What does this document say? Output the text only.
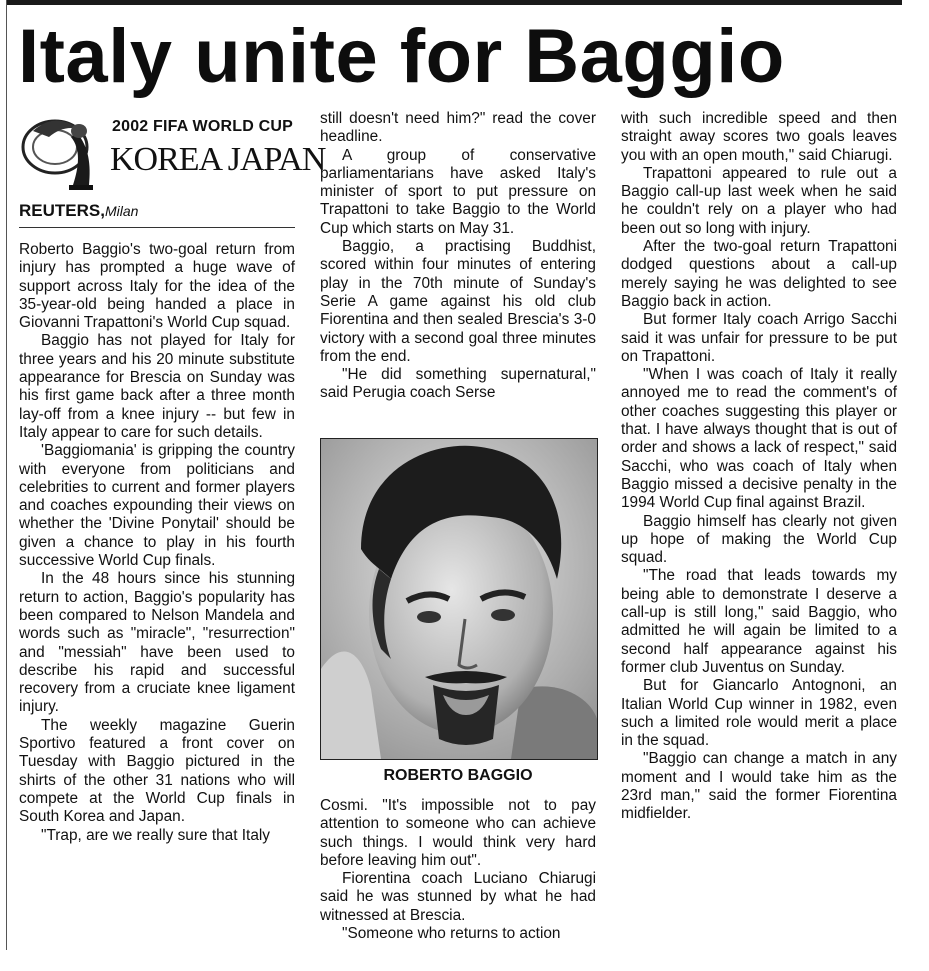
Italy unite for Baggio
2002 FIFA WORLD CUP
KOREA JAPAN
REUTERS,Milan

Roberto Baggio's two-goal return from injury has prompted a huge wave of support across Italy for the idea of the 35-year-old being handed a place in Giovanni Trapattoni's World Cup squad.

Baggio has not played for Italy for three years and his 20 minute substitute appearance for Brescia on Sunday was his first game back after a three month lay-off from a knee injury -- but few in Italy appear to care for such details.

'Baggiomania' is gripping the country with everyone from politicians and celebrities to current and former players and coaches expounding their views on whether the 'Divine Ponytail' should be given a chance to play in his fourth successive World Cup finals.

In the 48 hours since his stunning return to action, Baggio's popularity has been compared to Nelson Mandela and words such as "miracle", "resurrection" and "messiah" have been used to describe his rapid and successful recovery from a cruciate knee ligament injury.

The weekly magazine Guerin Sportivo featured a front cover on Tuesday with Baggio pictured in the shirts of the other 31 nations who will compete at the World Cup finals in South Korea and Japan.

"Trap, are we really sure that Italy

still doesn't need him?" read the cover headline.

A group of conservative parliamentarians have asked Italy's minister of sport to put pressure on Trapattoni to take Baggio to the World Cup which starts on May 31.

Baggio, a practising Buddhist, scored within four minutes of entering play in the 70th minute of Sunday's Serie A game against his old club Fiorentina and then sealed Brescia's 3-0 victory with a second goal three minutes from the end.

"He did something supernatural," said Perugia coach Serse

ROBERTO BAGGIO

Cosmi. "It's impossible not to pay attention to someone who can achieve such things. I would think very hard before leaving him out".

Fiorentina coach Luciano Chiarugi said he was stunned by what he had witnessed at Brescia.

"Someone who returns to action

with such incredible speed and then straight away scores two goals leaves you with an open mouth," said Chiarugi.

Trapattoni appeared to rule out a Baggio call-up last week when he said he couldn't rely on a player who had been out so long with injury.

After the two-goal return Trapattoni dodged questions about a call-up merely saying he was delighted to see Baggio back in action.

But former Italy coach Arrigo Sacchi said it was unfair for pressure to be put on Trapattoni.

"When I was coach of Italy it really annoyed me to read the comment's of other coaches suggesting this player or that. I have always thought that is out of order and shows a lack of respect," said Sacchi, who was coach of Italy when Baggio missed a decisive penalty in the 1994 World Cup final against Brazil.

Baggio himself has clearly not given up hope of making the World Cup squad.

"The road that leads towards my being able to demonstrate I deserve a call-up is still long," said Baggio, who admitted he will again be limited to a second half appearance against his former club Juventus on Sunday.

But for Giancarlo Antognoni, an Italian World Cup winner in 1982, even such a limited role would merit a place in the squad.

"Baggio can change a match in any moment and I would take him as the 23rd man," said the former Fiorentina midfielder.
